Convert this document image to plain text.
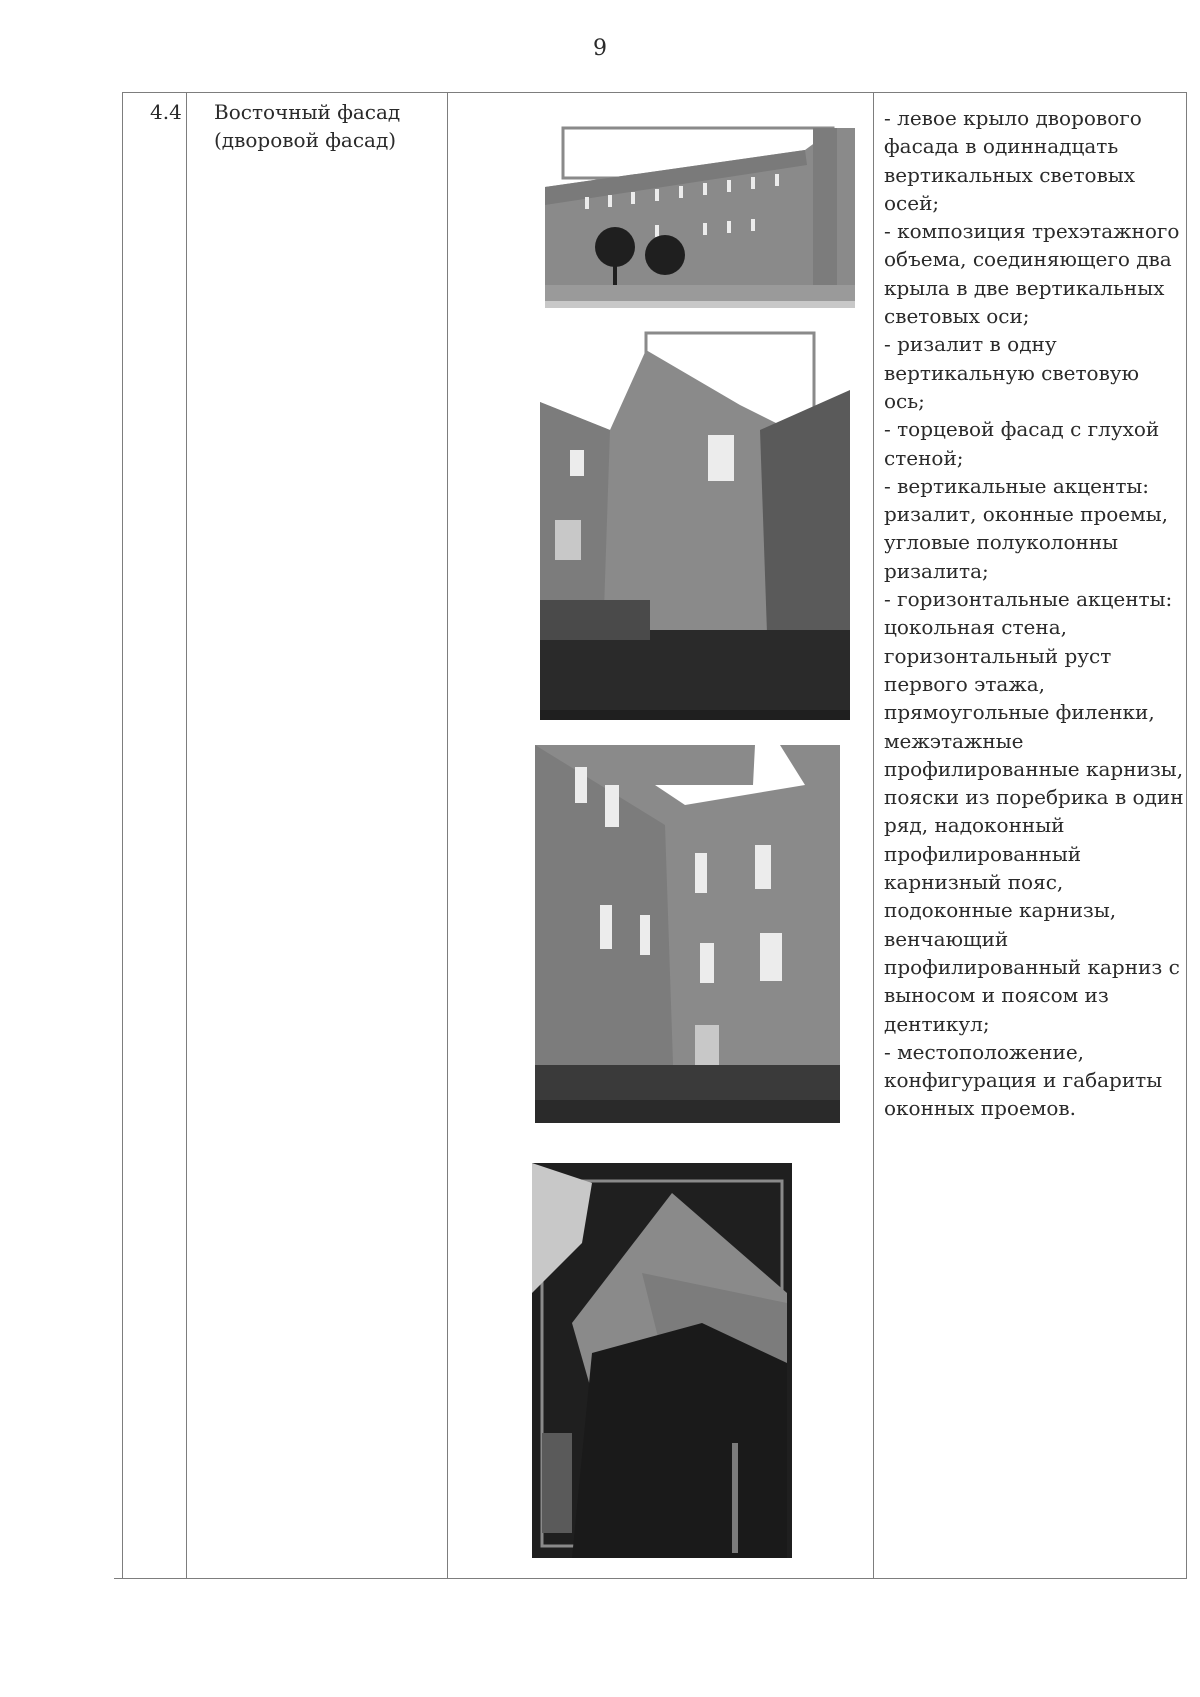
9
4.4 Восточный фасад
(дворовой фасад)
- левое крыло дворового
фасада в одиннадцать
вертикальных световых
осей;
- композиция трехэтажного
объема, соединяющего два
крыла в две вертикальных
световых оси;
- ризалит в одну
вертикальную световую
ось;
- торцевой фасад с глухой
стеной;
- вертикальные акценты:
ризалит, оконные проемы,
угловые полуколонны
ризалита;
- горизонтальные акценты:
цокольная стена,
горизонтальный руст
первого этажа,
прямоугольные филенки,
межэтажные
профилированные карнизы,
пояски из поребрика в один
ряд, надоконный
профилированный
карнизный пояс,
подоконные карнизы,
венчающий
профилированный карниз с
выносом и поясом из
дентикул;
- местоположение,
конфигурация и габариты
оконных проемов.
